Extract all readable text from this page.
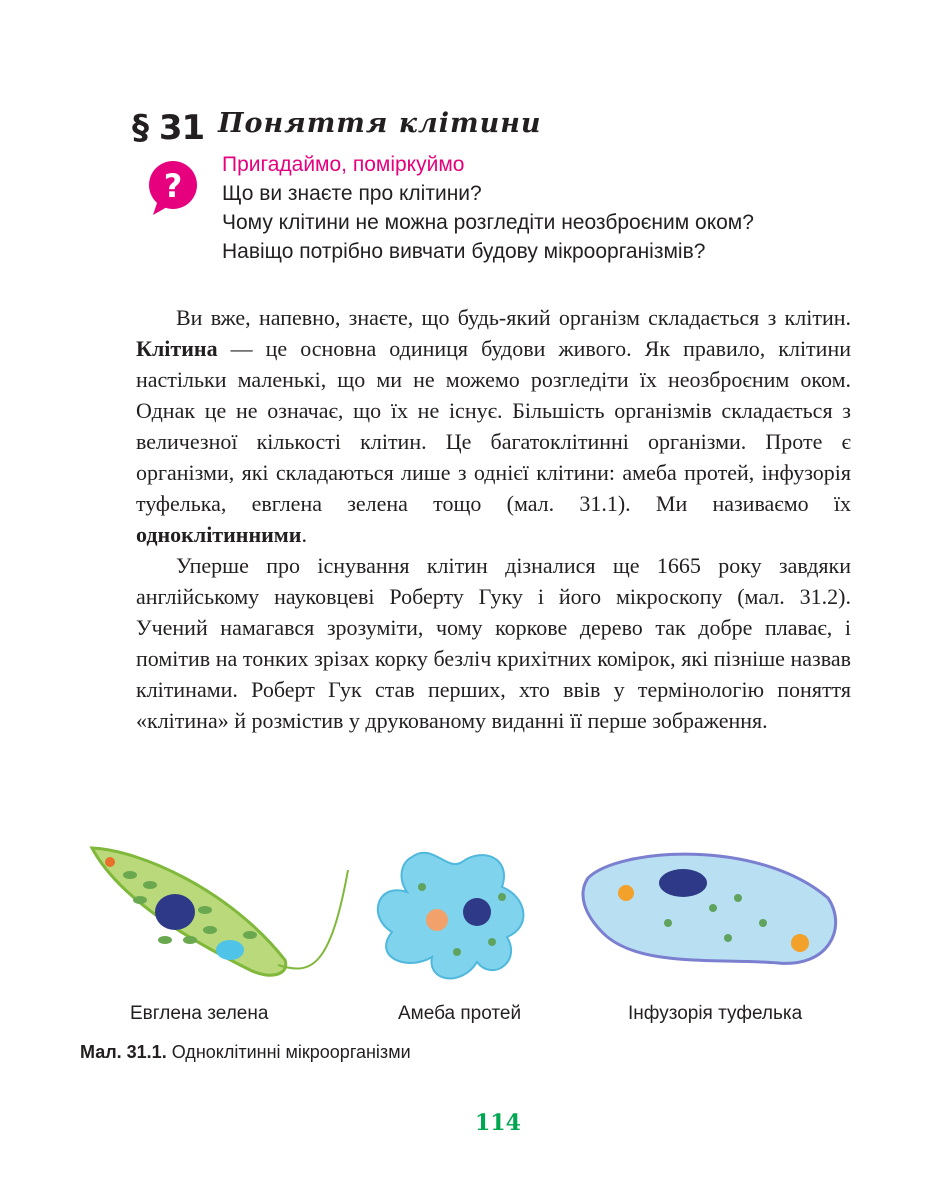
§ 31 Поняття клітини
?
Пригадаймо, поміркуймо
Що ви знаєте про клітини?
Чому клітини не можна розгледіти неозброєним оком?
Навіщо потрібно вивчати будову мікроорганізмів?

Ви вже, напевно, знаєте, що будь-який організм складається з клітин. Клітина — це основна одиниця будови живого. Як правило, клітини настільки маленькі, що ми не можемо розгледіти їх неозброєним оком. Однак це не означає, що їх не існує. Більшість організмів складається з величезної кількості клітин. Це багатоклітинні організми. Проте є організми, які складаються лише з однієї клітини: амеба протей, інфузорія туфелька, евглена зелена тощо (мал. 31.1). Ми називаємо їх одноклітинними.

Уперше про існування клітин дізналися ще 1665 року завдяки англійському науковцеві Роберту Гуку і його мікроскопу (мал. 31.2). Учений намагався зрозуміти, чому коркове дерево так добре плаває, і помітив на тонких зрізах корку безліч крихітних комірок, які пізніше назвав клітинами. Роберт Гук став перших, хто ввів у термінологію поняття «клітина» й розмістив у друкованому виданні її перше зображення.

Евглена зелена	Амеба протей	Інфузорія туфелька
Мал. 31.1. Одноклітинні мікроорганізми
114
